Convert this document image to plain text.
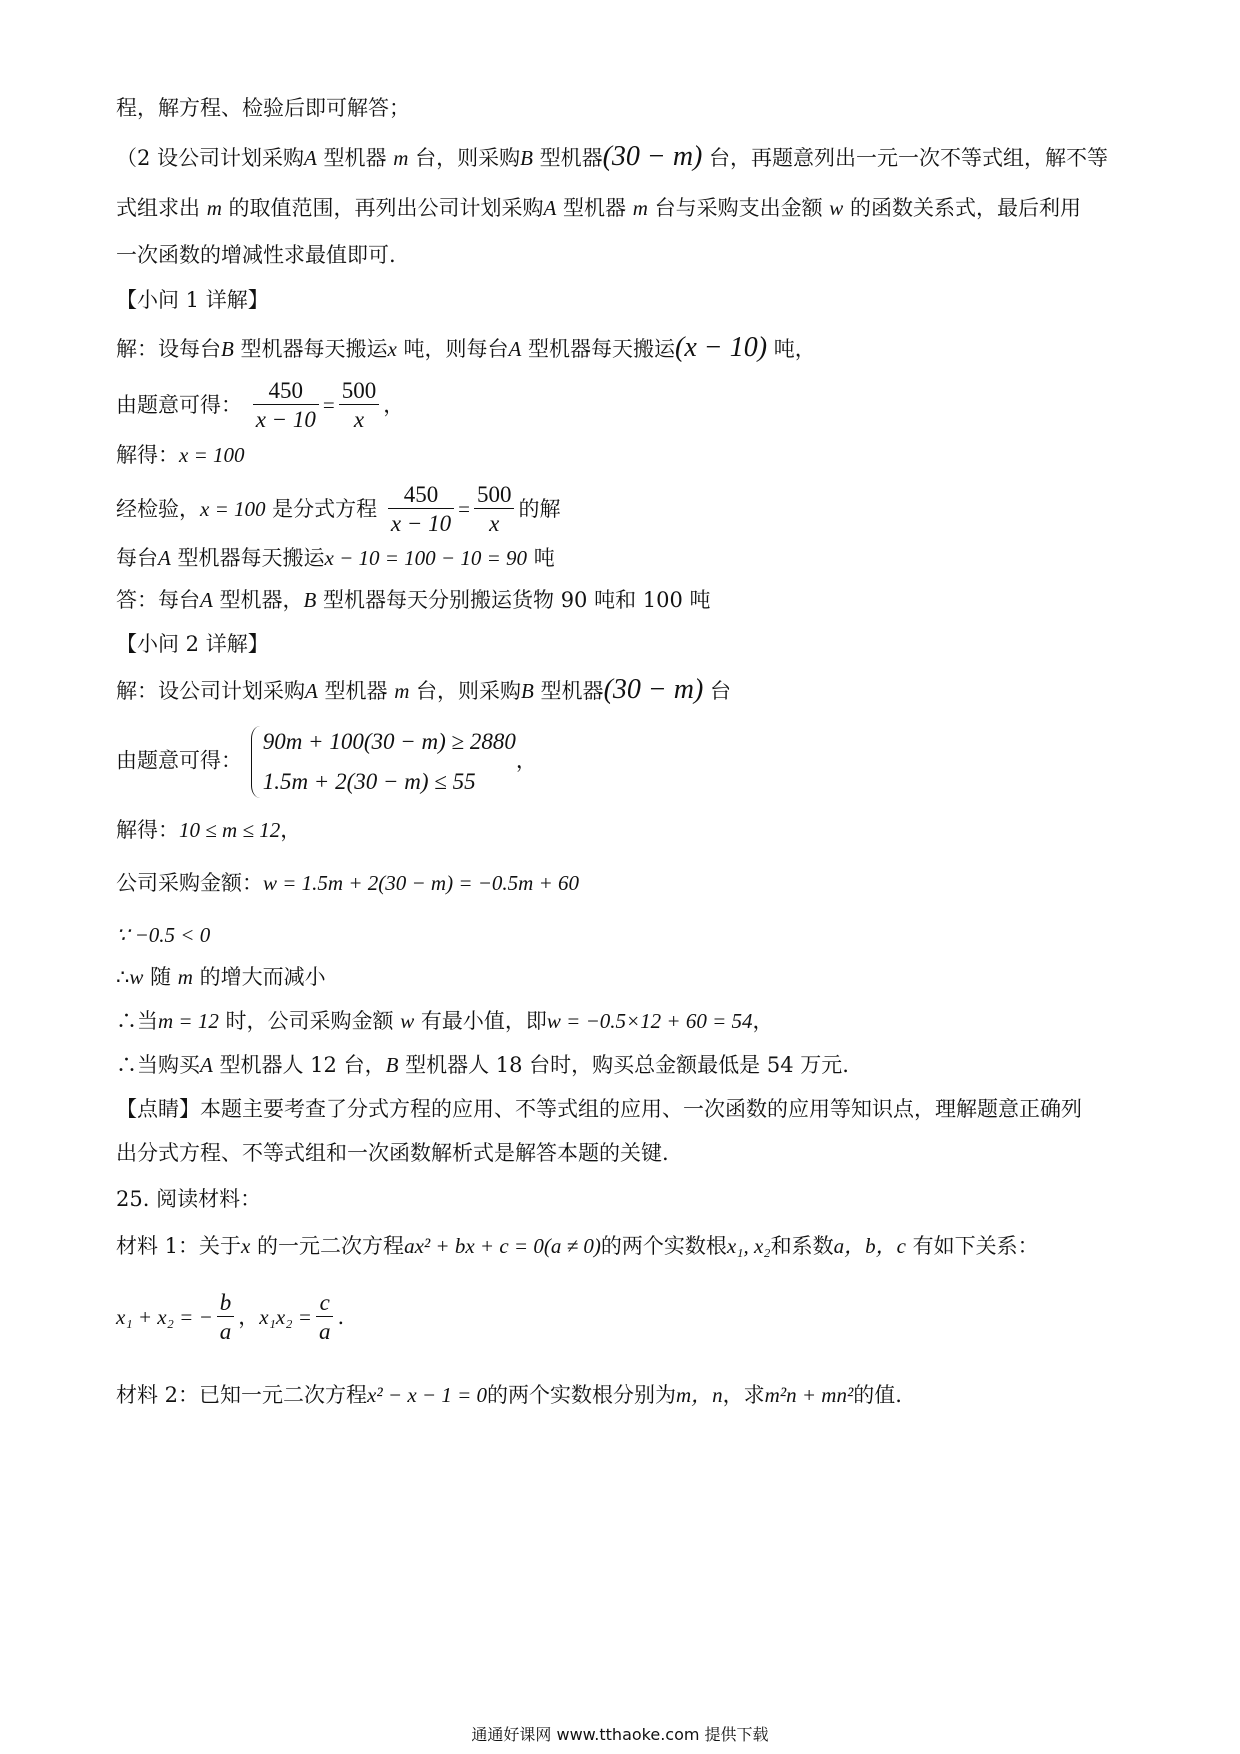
程，解方程、检验后即可解答；
（2 设公司计划采购A 型机器 m 台，则采购B 型机器(30 − m) 台，再题意列出一元一次不等式组，解不等
式组求出 m 的取值范围，再列出公司计划采购A 型机器 m 台与采购支出金额 w 的函数关系式，最后利用
一次函数的增减性求最值即可.
【小问 1 详解】
解：设每台B 型机器每天搬运x 吨，则每台A 型机器每天搬运(x − 10) 吨，
由题意可得： $\frac{450}{x - 10} = \frac{500}{x}$ ，
解得：x = 100
经检验，x = 100 是分式方程 $\frac{450}{x - 10} = \frac{500}{x}$ 的解
每台A 型机器每天搬运x − 10 = 100 − 10 = 90 吨
答：每台A 型机器，B 型机器每天分别搬运货物 90 吨和 100 吨
【小问 2 详解】
解：设公司计划采购A 型机器 m 台，则采购B 型机器(30 − m) 台
由题意可得：
90m + 100(30 − m) ≥ 2880
1.5m + 2(30 − m) ≤ 55
，
解得：10 ≤ m ≤ 12，
公司采购金额：w = 1.5m + 2(30 − m) = −0.5m + 60
∵ −0.5 < 0
∴w 随 m 的增大而减小
∴当m = 12 时，公司采购金额 w 有最小值，即w = −0.5×12 + 60 = 54，
∴当购买A 型机器人 12 台，B 型机器人 18 台时，购买总金额最低是 54 万元.
【点睛】本题主要考查了分式方程的应用、不等式组的应用、一次函数的应用等知识点，理解题意正确列
出分式方程、不等式组和一次函数解析式是解答本题的关键.
25. 阅读材料：
材料 1：关于x 的一元二次方程ax² + bx + c = 0(a ≠ 0)的两个实数根x₁, x₂和系数a，b，c 有如下关系：
x₁ + x₂ = − $\frac{b}{a}$ ，$x_1x_2 = \frac{c}{a}$ .
材料 2：已知一元二次方程x² − x − 1 = 0的两个实数根分别为m，n，求m²n + mn²的值.
通通好课网 www.tthaoke.com 提供下载
